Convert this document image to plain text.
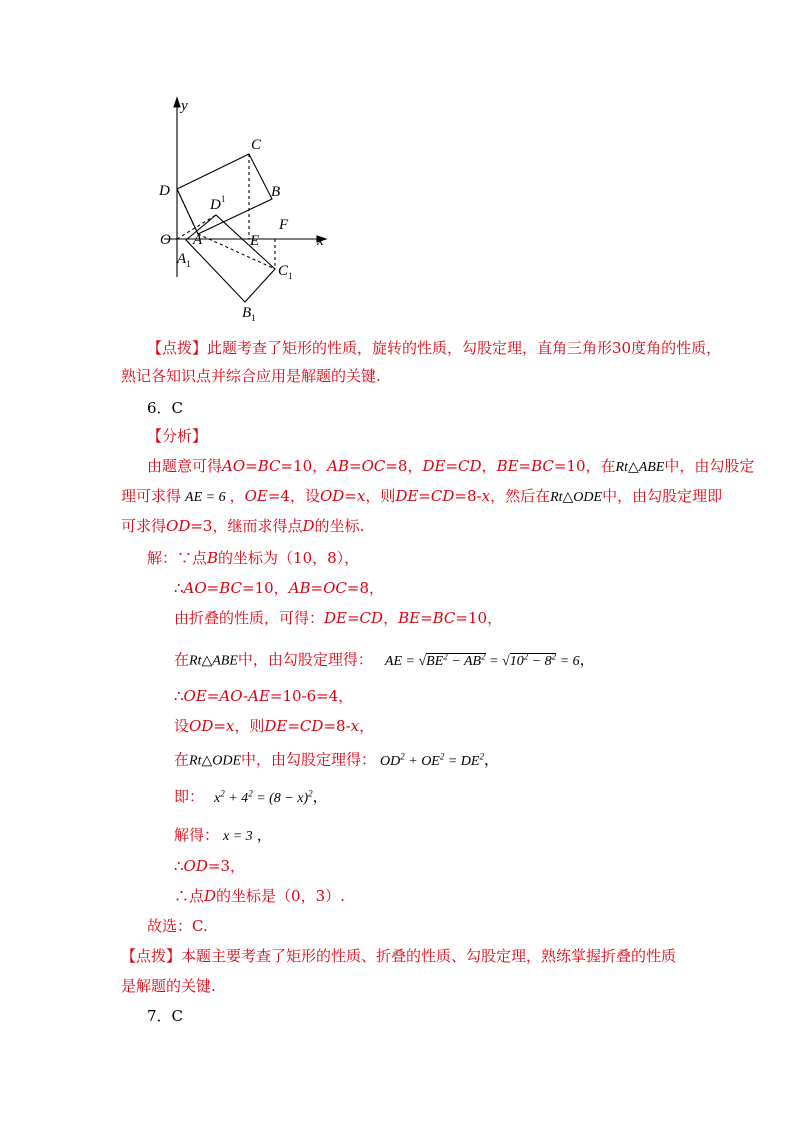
y
x
O A	E
F
C
D	B
$D^1$
$A_1$	$C_1$
$B_1$
【点拨】此题考查了矩形的性质，旋转的性质，勾股定理，直角三角形30度角的性质，
熟记各知识点并综合应用是解题的关键.
6．C
【分析】
由题意可得AO=BC=10，AB=OC=8，DE=CD，BE=BC=10，在Rt△ABE中，由勾股定
理可求得 AE = 6 ，OE=4，设OD=x，则DE=CD=8-x，然后在Rt△ODE中，由勾股定理即
可求得OD=3，继而求得点D的坐标.
解：∵点B的坐标为（10，8），
∴AO=BC=10，AB=OC=8，
由折叠的性质，可得：DE=CD，BE=BC=10，
在Rt△ABE中，由勾股定理得： AE = $√BE^2 - AB^2 = √10^2 - 8^2 = 6$，
∴OE=AO-AE=10-6=4，
设OD=x，则DE=CD=8-x，
在Rt△ODE中，由勾股定理得： $OD^2 + OE^2 = DE^2$，
即： $x^2 + 4^2 = (8 - x)^2$，
解得： x = 3 ，
∴OD=3，
∴点D的坐标是（0，3）.
故选：C.
【点拨】本题主要考查了矩形的性质、折叠的性质、勾股定理，熟练掌握折叠的性质
是解题的关键.
7．C
